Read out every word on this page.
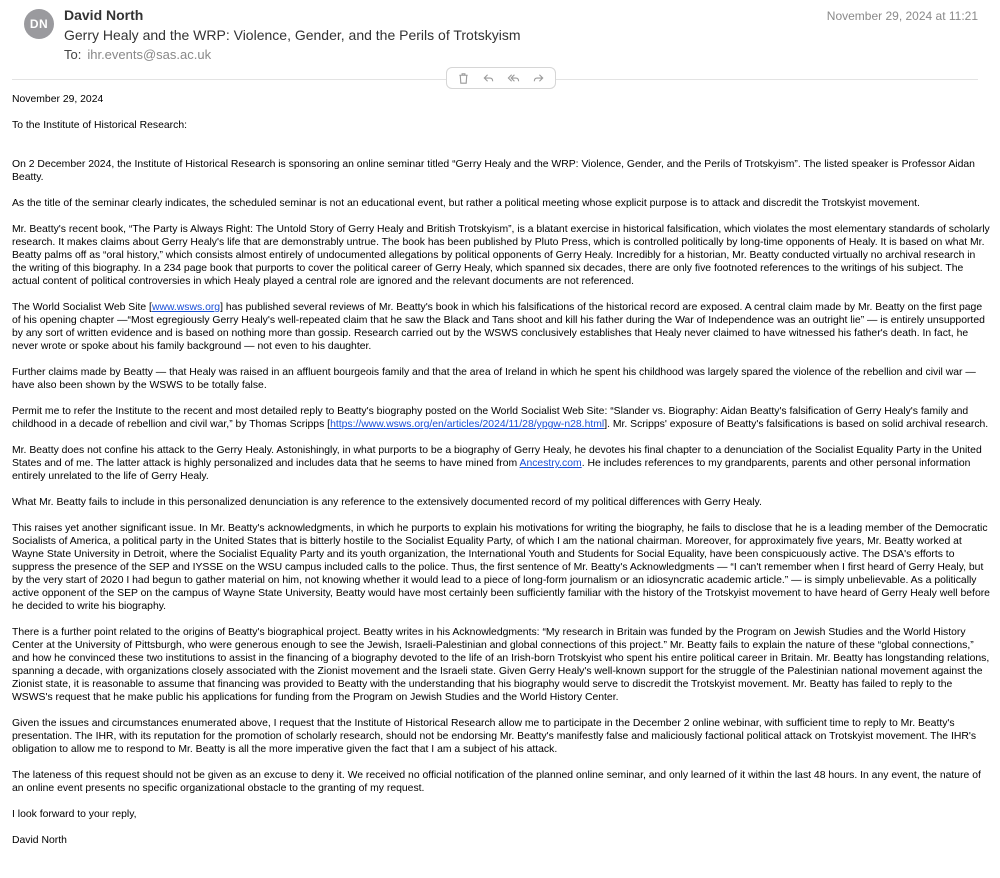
DN
David North
Gerry Healy and the WRP: Violence, Gender, and the Perils of Trotskyism
To: ihr.events@sas.ac.uk
November 29, 2024 at 11:21

November 29, 2024

To the Institute of Historical Research:

On 2 December 2024, the Institute of Historical Research is sponsoring an online seminar titled “Gerry Healy and the WRP: Violence, Gender, and the Perils of Trotskyism”. The listed speaker is Professor Aidan Beatty.

As the title of the seminar clearly indicates, the scheduled seminar is not an educational event, but rather a political meeting whose explicit purpose is to attack and discredit the Trotskyist movement.

Mr. Beatty's recent book, “The Party is Always Right: The Untold Story of Gerry Healy and British Trotskyism”, is a blatant exercise in historical falsification, which violates the most elementary standards of scholarly research. It makes claims about Gerry Healy's life that are demonstrably untrue. The book has been published by Pluto Press, which is controlled politically by long-time opponents of Healy. It is based on what Mr. Beatty palms off as “oral history,” which consists almost entirely of undocumented allegations by political opponents of Gerry Healy. Incredibly for a historian, Mr. Beatty conducted virtually no archival research in the writing of this biography. In a 234 page book that purports to cover the political career of Gerry Healy, which spanned six decades, there are only five footnoted references to the writings of his subject. The actual content of political controversies in which Healy played a central role are ignored and the relevant documents are not referenced.

The World Socialist Web Site [www.wsws.org] has published several reviews of Mr. Beatty's book in which his falsifications of the historical record are exposed. A central claim made by Mr. Beatty on the first page of his opening chapter —“Most egregiously Gerry Healy's well-repeated claim that he saw the Black and Tans shoot and kill his father during the War of Independence was an outright lie” — is entirely unsupported by any sort of written evidence and is based on nothing more than gossip. Research carried out by the WSWS conclusively establishes that Healy never claimed to have witnessed his father's death. In fact, he never wrote or spoke about his family background — not even to his daughter.

Further claims made by Beatty — that Healy was raised in an affluent bourgeois family and that the area of Ireland in which he spent his childhood was largely spared the violence of the rebellion and civil war — have also been shown by the WSWS to be totally false.

Permit me to refer the Institute to the recent and most detailed reply to Beatty's biography posted on the World Socialist Web Site: “Slander vs. Biography: Aidan Beatty's falsification of Gerry Healy's family and childhood in a decade of rebellion and civil war,” by Thomas Scripps [https://www.wsws.org/en/articles/2024/11/28/ypgw-n28.html]. Mr. Scripps' exposure of Beatty's falsifications is based on solid archival research.

Mr. Beatty does not confine his attack to the Gerry Healy. Astonishingly, in what purports to be a biography of Gerry Healy, he devotes his final chapter to a denunciation of the Socialist Equality Party in the United States and of me. The latter attack is highly personalized and includes data that he seems to have mined from Ancestry.com. He includes references to my grandparents, parents and other personal information entirely unrelated to the life of Gerry Healy.

What Mr. Beatty fails to include in this personalized denunciation is any reference to the extensively documented record of my political differences with Gerry Healy.

This raises yet another significant issue. In Mr. Beatty's acknowledgments, in which he purports to explain his motivations for writing the biography, he fails to disclose that he is a leading member of the Democratic Socialists of America, a political party in the United States that is bitterly hostile to the Socialist Equality Party, of which I am the national chairman. Moreover, for approximately five years, Mr. Beatty worked at Wayne State University in Detroit, where the Socialist Equality Party and its youth organization, the International Youth and Students for Social Equality, have been conspicuously active. The DSA's efforts to suppress the presence of the SEP and IYSSE on the WSU campus included calls to the police. Thus, the first sentence of Mr. Beatty's Acknowledgments — “I can't remember when I first heard of Gerry Healy, but by the very start of 2020 I had begun to gather material on him, not knowing whether it would lead to a piece of long-form journalism or an idiosyncratic academic article.” — is simply unbelievable. As a politically active opponent of the SEP on the campus of Wayne State University, Beatty would have most certainly been sufficiently familiar with the history of the Trotskyist movement to have heard of Gerry Healy well before he decided to write his biography.

There is a further point related to the origins of Beatty's biographical project. Beatty writes in his Acknowledgments: “My research in Britain was funded by the Program on Jewish Studies and the World History Center at the University of Pittsburgh, who were generous enough to see the Jewish, Israeli-Palestinian and global connections of this project.” Mr. Beatty fails to explain the nature of these “global connections,” and how he convinced these two institutions to assist in the financing of a biography devoted to the life of an Irish-born Trotskyist who spent his entire political career in Britain. Mr. Beatty has longstanding relations, spanning a decade, with organizations closely associated with the Zionist movement and the Israeli state. Given Gerry Healy's well-known support for the struggle of the Palestinian national movement against the Zionist state, it is reasonable to assume that financing was provided to Beatty with the understanding that his biography would serve to discredit the Trotskyist movement. Mr. Beatty has failed to reply to the WSWS's request that he make public his applications for funding from the Program on Jewish Studies and the World History Center.

Given the issues and circumstances enumerated above, I request that the Institute of Historical Research allow me to participate in the December 2 online webinar, with sufficient time to reply to Mr. Beatty's presentation. The IHR, with its reputation for the promotion of scholarly research, should not be endorsing Mr. Beatty's manifestly false and maliciously factional political attack on Trotskyist movement. The IHR's obligation to allow me to respond to Mr. Beatty is all the more imperative given the fact that I am a subject of his attack.

The lateness of this request should not be given as an excuse to deny it. We received no official notification of the planned online seminar, and only learned of it within the last 48 hours. In any event, the nature of an online event presents no specific organizational obstacle to the granting of my request.

I look forward to your reply,

David North
